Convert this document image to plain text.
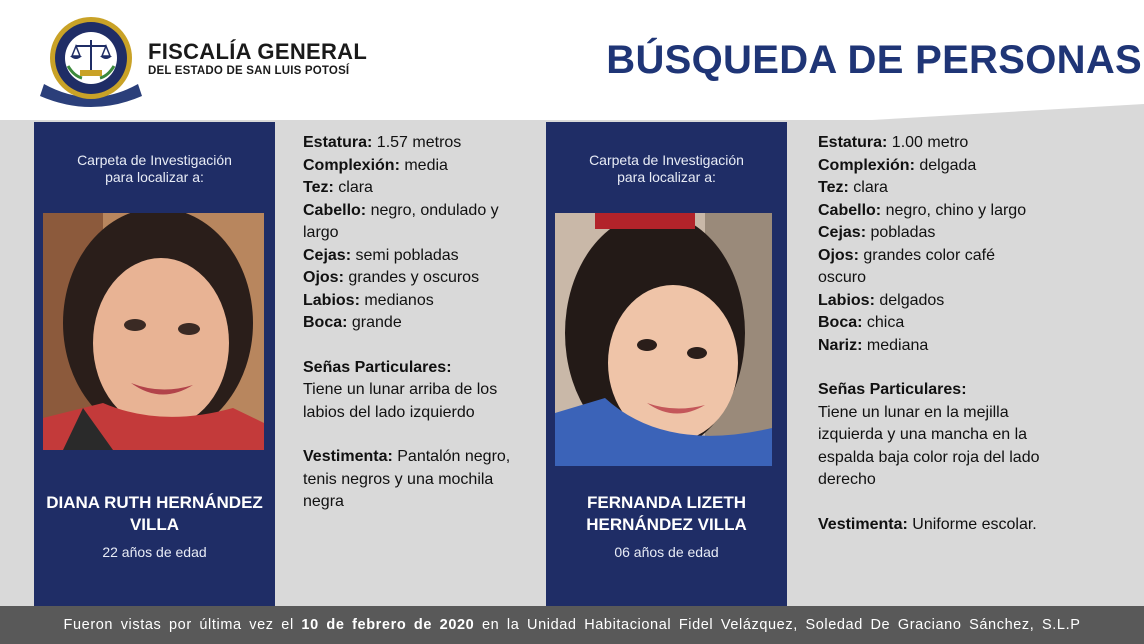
FISCALÍA GENERAL
DEL ESTADO DE SAN LUIS POTOSÍ	BÚSQUEDA DE PERSONAS
Carpeta de Investigación
para localizar a:
DIANA RUTH HERNÁNDEZ
VILLA
22 años de edad
Estatura: 1.57 metros
Complexión: media
Tez: clara
Cabello: negro, ondulado y largo
Cejas: semi pobladas
Ojos: grandes y oscuros
Labios: medianos
Boca: grande
Señas Particulares:
Tiene un lunar arriba de los labios del lado izquierdo
Vestimenta: Pantalón negro, tenis negros y una mochila negra
Carpeta de Investigación
para localizar a:
FERNANDA LIZETH
HERNÁNDEZ VILLA
06 años de edad
Estatura: 1.00 metro
Complexión: delgada
Tez: clara
Cabello: negro, chino y largo
Cejas: pobladas
Ojos: grandes color café oscuro
Labios: delgados
Boca: chica
Nariz: mediana
Señas Particulares:
Tiene un lunar en la mejilla izquierda y una mancha en la espalda baja color roja del lado derecho
Vestimenta: Uniforme escolar.
Fueron vistas por última vez el 10 de febrero de 2020 en la Unidad Habitacional Fidel Velázquez, Soledad De Graciano Sánchez, S.L.P
